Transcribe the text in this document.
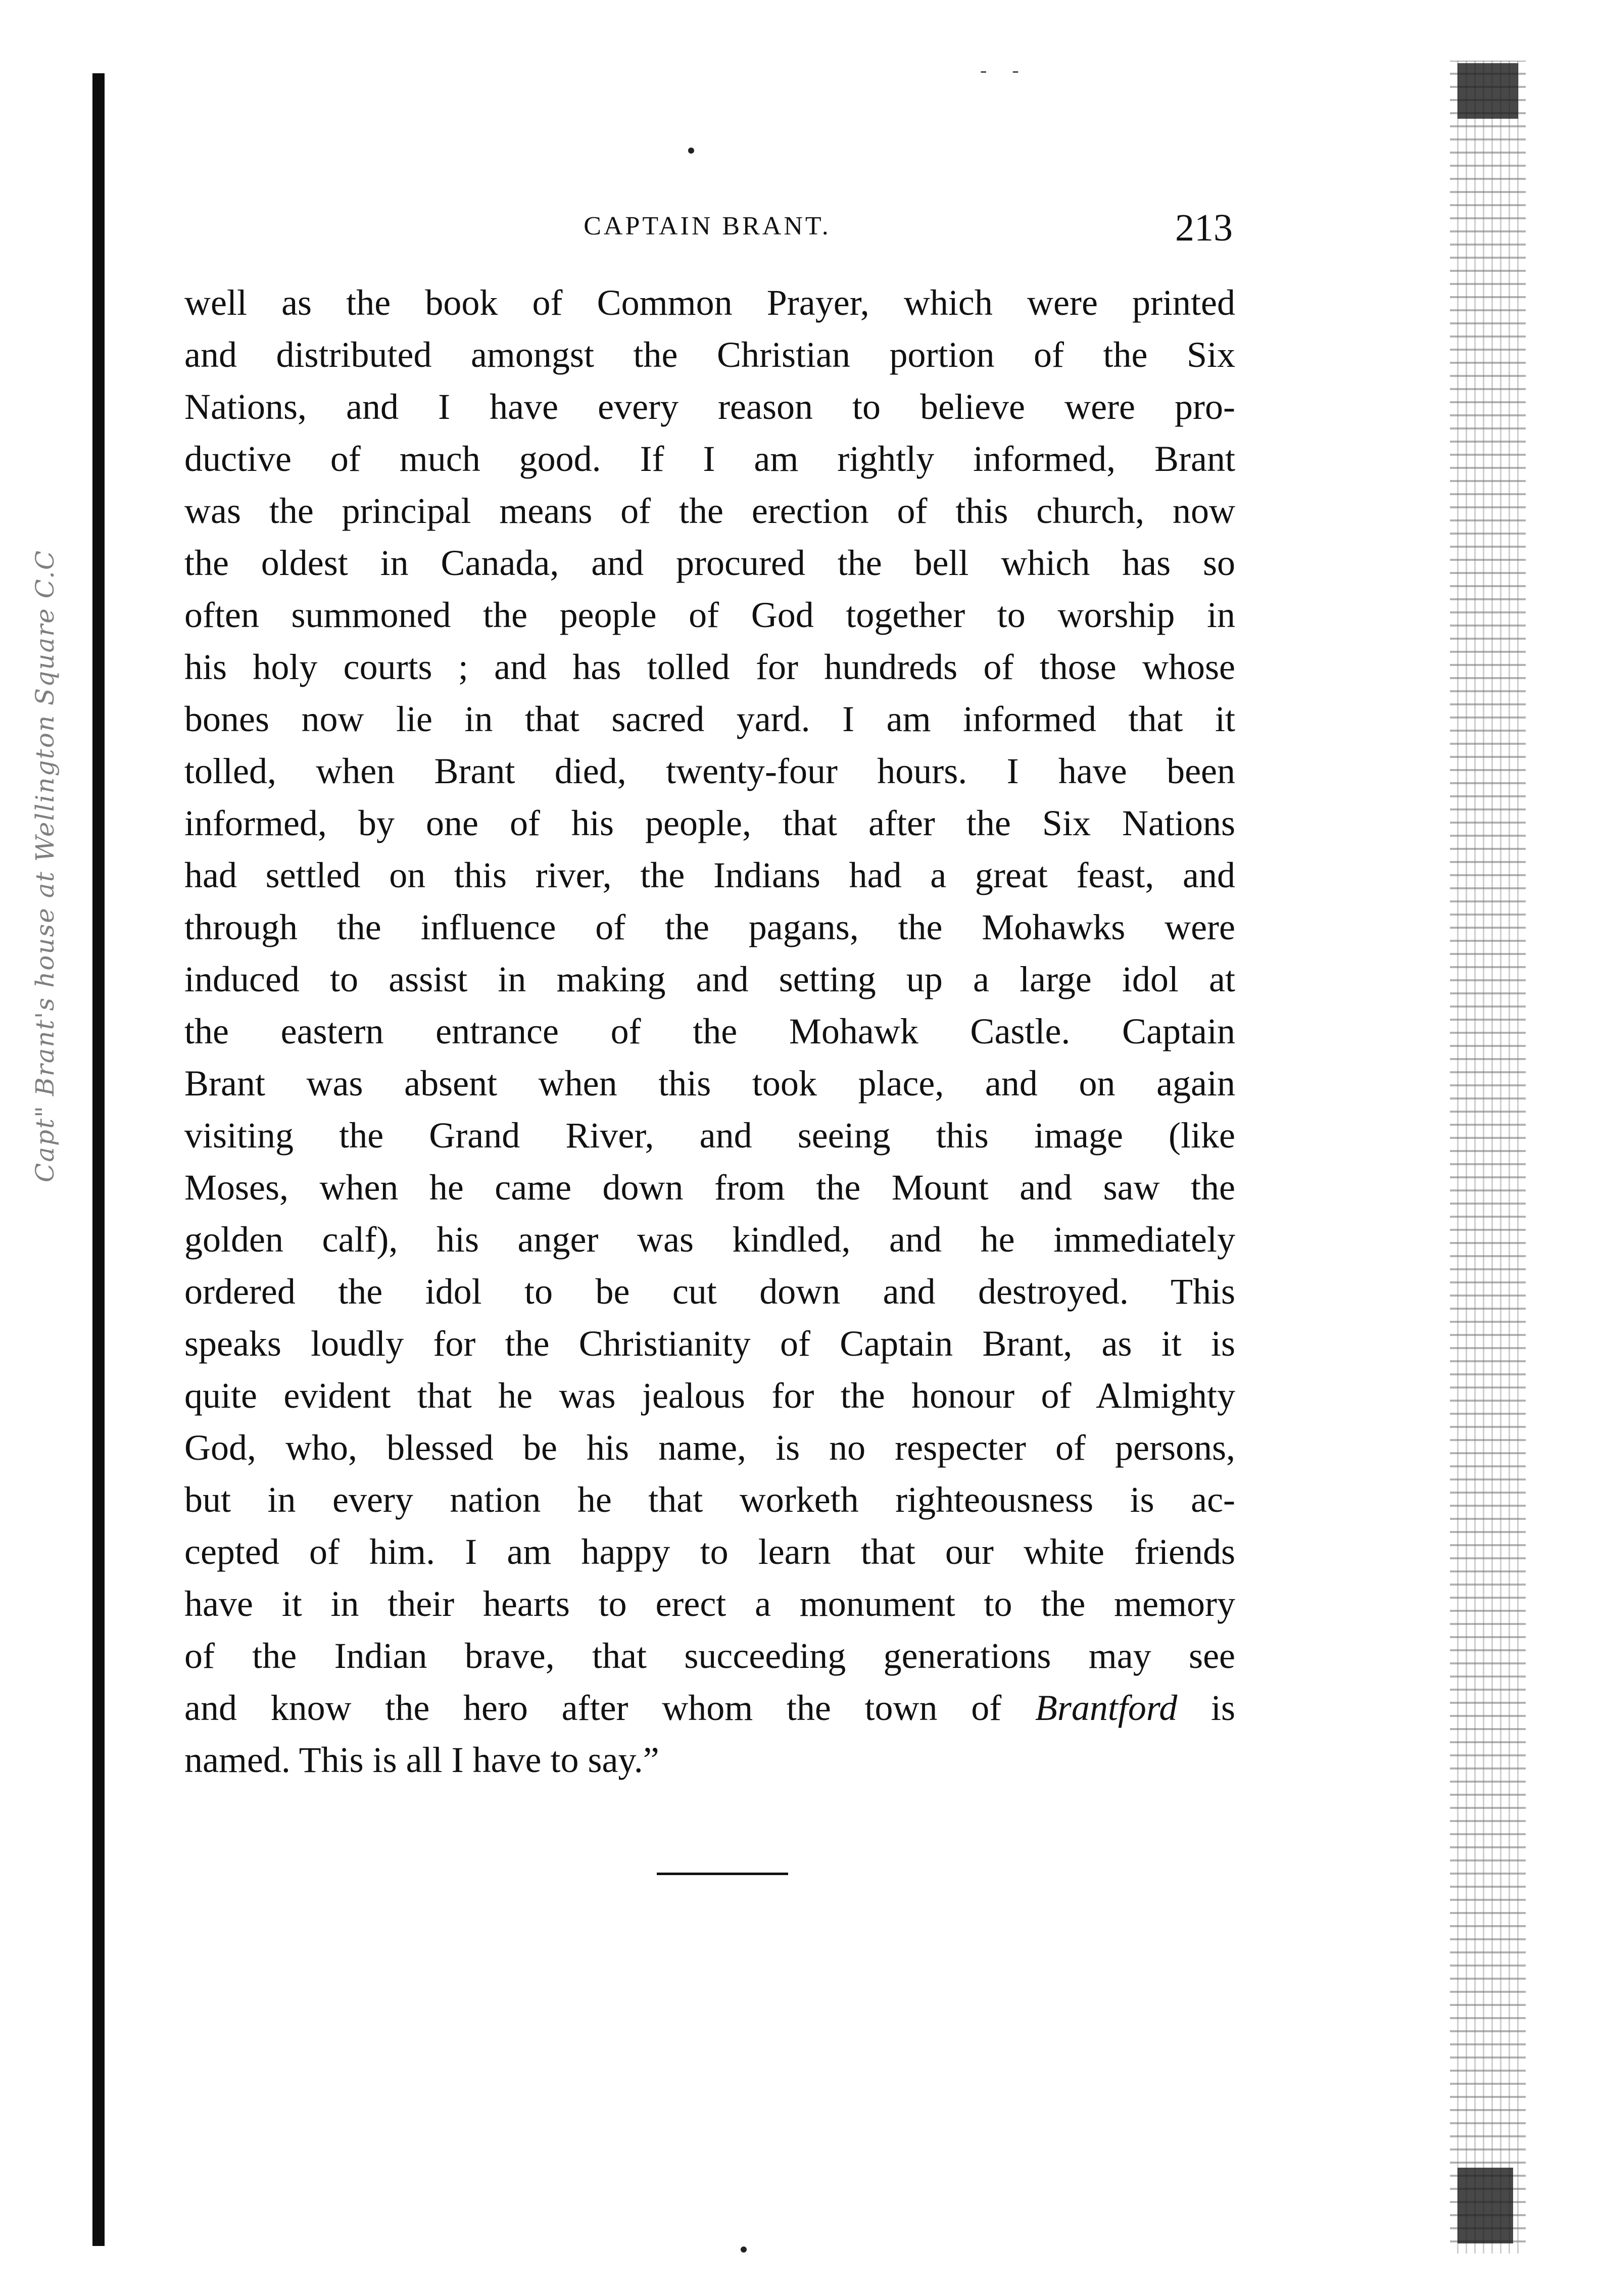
- -
Capt" Brant's house at Wellington Square C.C
CAPTAIN BRANT.	213
well as the book of Common Prayer, which were printed
and distributed amongst the Christian portion of the Six
Nations, and I have every reason to believe were pro-
ductive of much good. If I am rightly informed, Brant
was the principal means of the erection of this church, now
the oldest in Canada, and procured the bell which has so
often summoned the people of God together to worship in
his holy courts ; and has tolled for hundreds of those whose
bones now lie in that sacred yard. I am informed that it
tolled, when Brant died, twenty-four hours. I have been
informed, by one of his people, that after the Six Nations
had settled on this river, the Indians had a great feast, and
through the influence of the pagans, the Mohawks were
induced to assist in making and setting up a large idol at
the eastern entrance of the Mohawk Castle. Captain
Brant was absent when this took place, and on again
visiting the Grand River, and seeing this image (like
Moses, when he came down from the Mount and saw the
golden calf), his anger was kindled, and he immediately
ordered the idol to be cut down and destroyed. This
speaks loudly for the Christianity of Captain Brant, as it is
quite evident that he was jealous for the honour of Almighty
God, who, blessed be his name, is no respecter of persons,
but in every nation he that worketh righteousness is ac-
cepted of him. I am happy to learn that our white friends
have it in their hearts to erect a monument to the memory
of the Indian brave, that succeeding generations may see
and know the hero after whom the town of Brantford is
named. This is all I have to say.”
